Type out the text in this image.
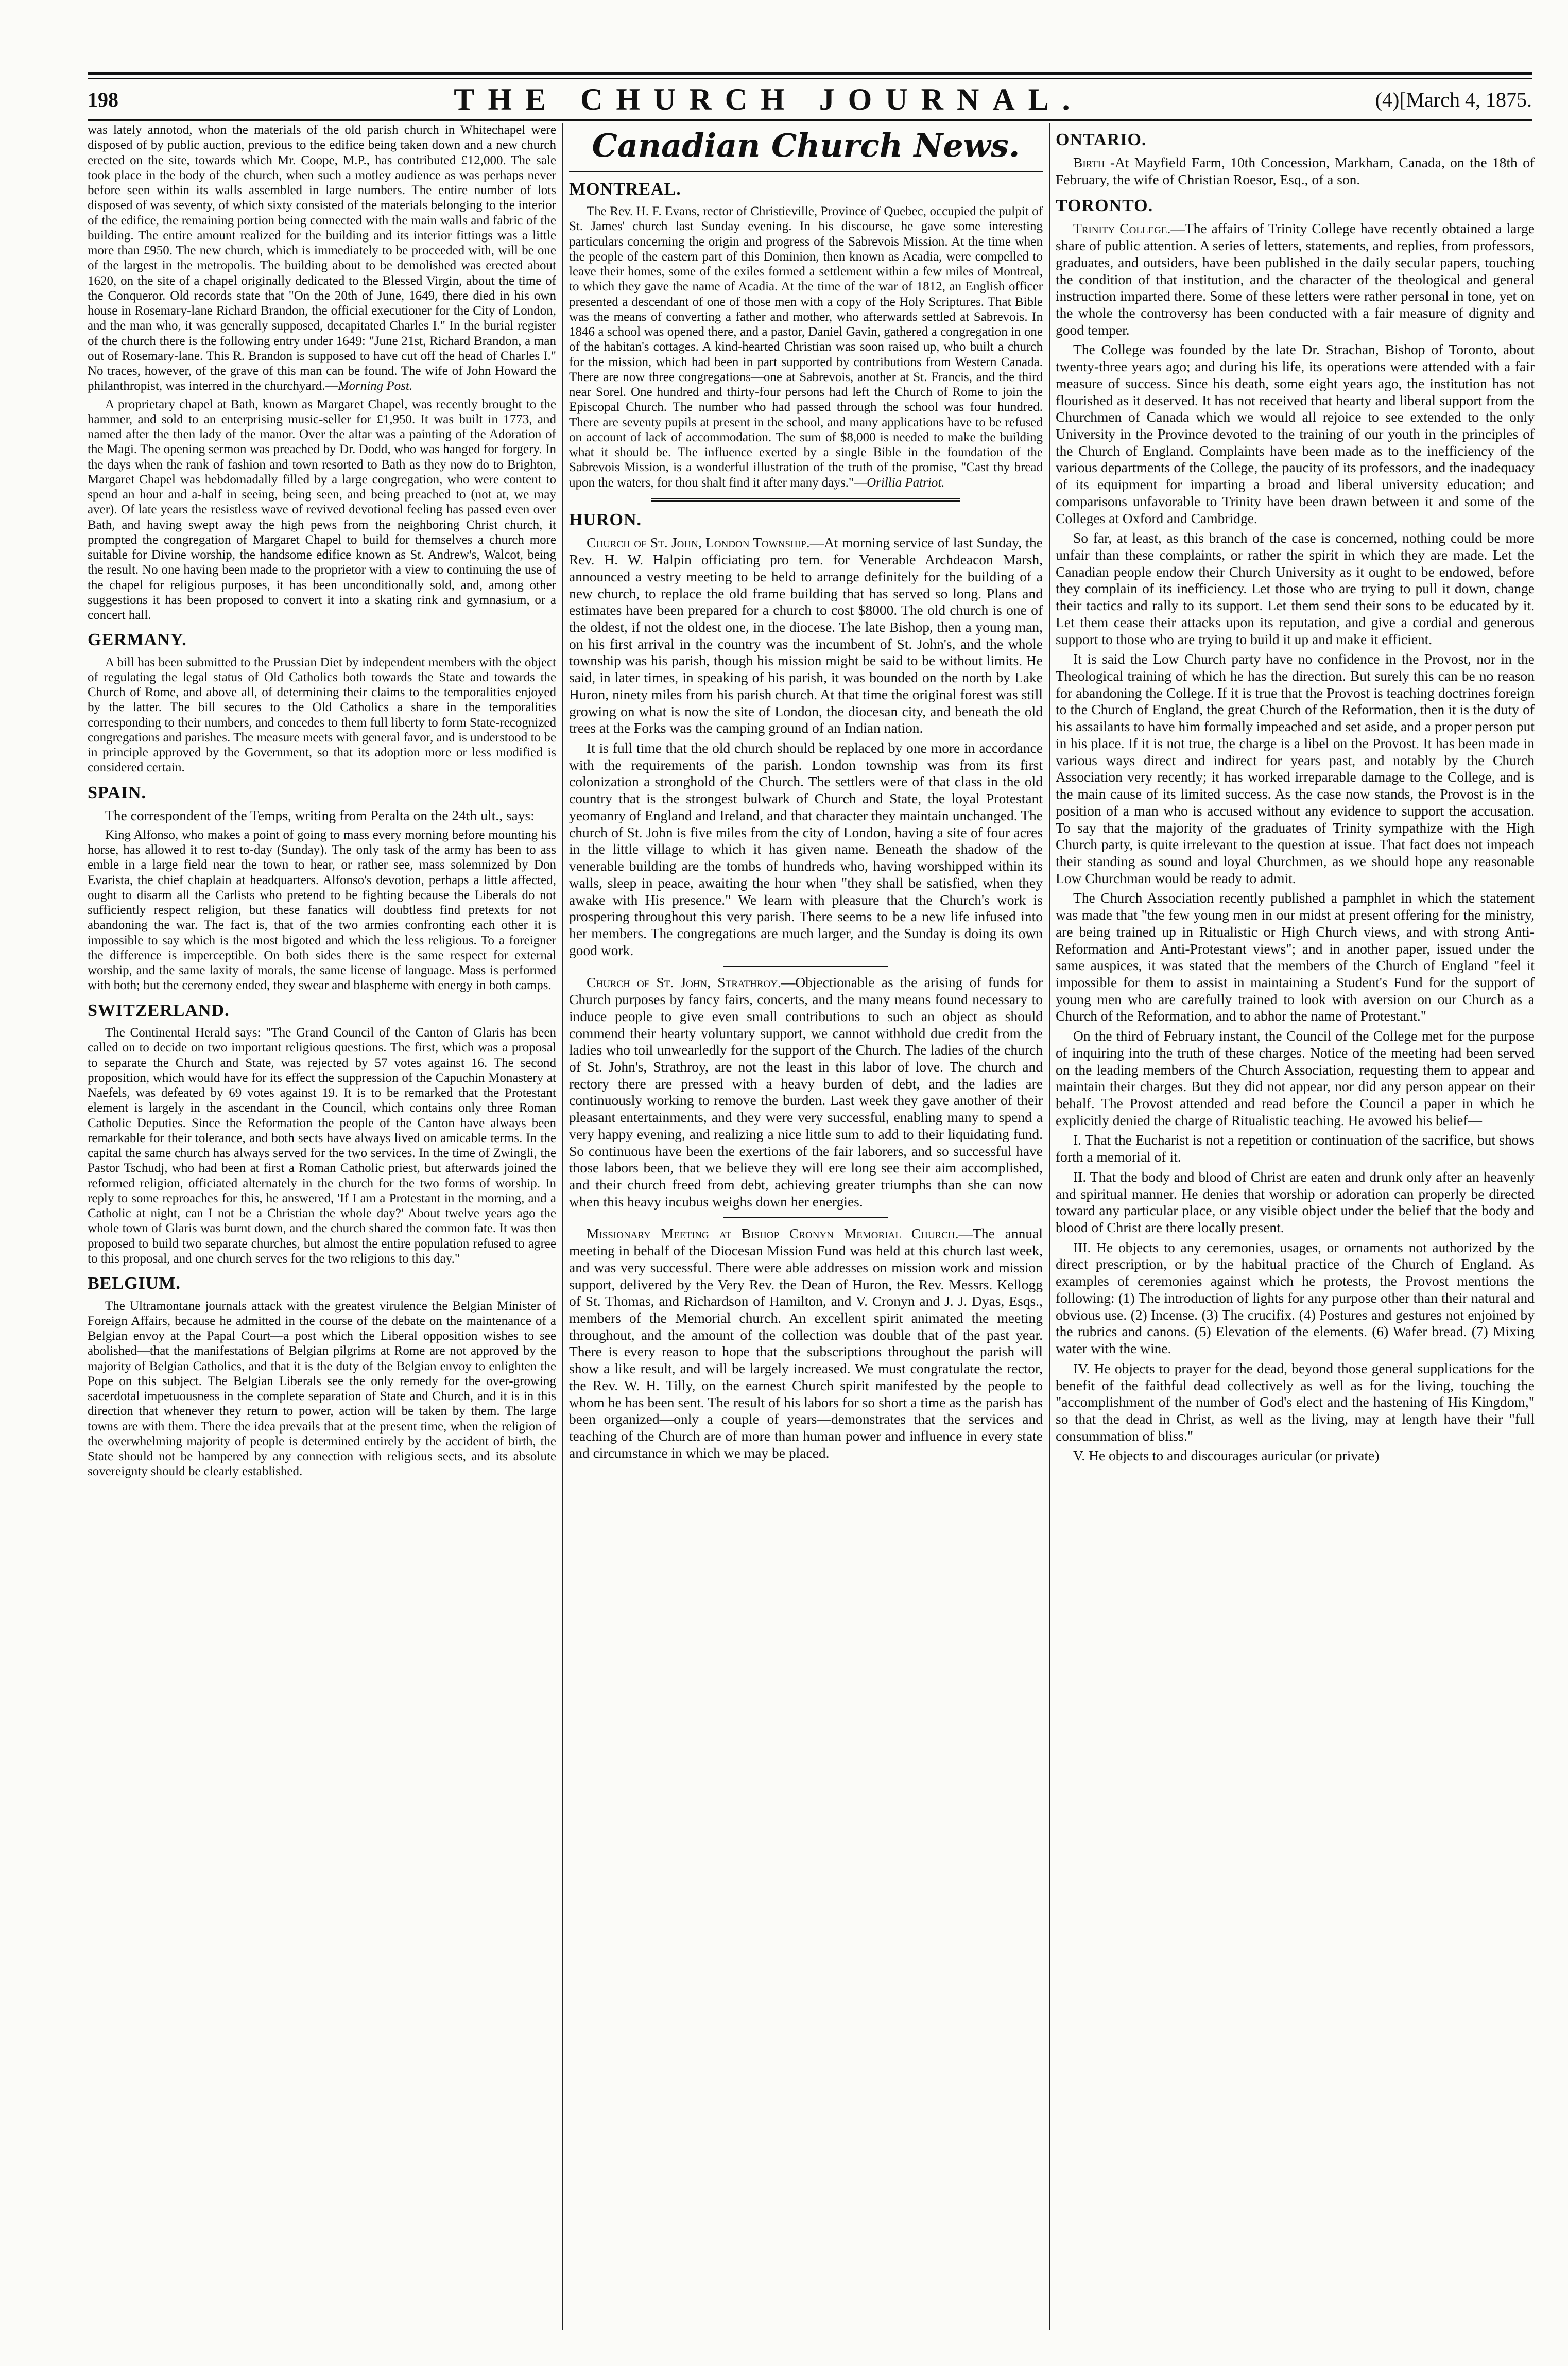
198	THE CHURCH JOURNAL.	(4)[March 4, 1875.

was lately annotod, whon the materials of the old parish church in Whitechapel were disposed of by public auction, previous to the edifice being taken down and a new church erected on the site, towards which Mr. Coope, M.P., has contributed £12,000. The sale took place in the body of the church, when such a motley audience as was perhaps never before seen within its walls assembled in large numbers. The entire number of lots disposed of was seventy, of which sixty consisted of the materials belonging to the interior of the edifice, the remaining portion being connected with the main walls and fabric of the building. The entire amount realized for the building and its interior fittings was a little more than £950. The new church, which is immediately to be proceeded with, will be one of the largest in the metropolis. The building about to be demolished was erected about 1620, on the site of a chapel originally dedicated to the Blessed Virgin, about the time of the Conqueror. Old records state that "On the 20th of June, 1649, there died in his own house in Rosemary-lane Richard Brandon, the official executioner for the City of London, and the man who, it was generally supposed, decapitated Charles I." In the burial register of the church there is the following entry under 1649: "June 21st, Richard Brandon, a man out of Rosemary-lane. This R. Brandon is supposed to have cut off the head of Charles I." No traces, however, of the grave of this man can be found. The wife of John Howard the philanthropist, was interred in the churchyard.—Morning Post.

A proprietary chapel at Bath, known as Margaret Chapel, was recently brought to the hammer, and sold to an enterprising music-seller for £1,950. It was built in 1773, and named after the then lady of the manor. Over the altar was a painting of the Adoration of the Magi. The opening sermon was preached by Dr. Dodd, who was hanged for forgery. In the days when the rank of fashion and town resorted to Bath as they now do to Brighton, Margaret Chapel was hebdomadally filled by a large congregation, who were content to spend an hour and a-half in seeing, being seen, and being preached to (not at, we may aver). Of late years the resistless wave of revived devotional feeling has passed even over Bath, and having swept away the high pews from the neighboring Christ church, it prompted the congregation of Margaret Chapel to build for themselves a church more suitable for Divine worship, the handsome edifice known as St. Andrew's, Walcot, being the result. No one having been made to the proprietor with a view to continuing the use of the chapel for religious purposes, it has been unconditionally sold, and, among other suggestions it has been proposed to convert it into a skating rink and gymnasium, or a concert hall.

GERMANY.

A bill has been submitted to the Prussian Diet by independent members with the object of regulating the legal status of Old Catholics both towards the State and towards the Church of Rome, and above all, of determining their claims to the temporalities enjoyed by the latter. The bill secures to the Old Catholics a share in the temporalities corresponding to their numbers, and concedes to them full liberty to form State-recognized congregations and parishes. The measure meets with general favor, and is understood to be in principle approved by the Government, so that its adoption more or less modified is considered certain.

SPAIN.

The correspondent of the Temps, writing from Peralta on the 24th ult., says:

King Alfonso, who makes a point of going to mass every morning before mounting his horse, has allowed it to rest to-day (Sunday). The only task of the army has been to ass emble in a large field near the town to hear, or rather see, mass solemnized by Don Evarista, the chief chaplain at headquarters. Alfonso's devotion, perhaps a little affected, ought to disarm all the Carlists who pretend to be fighting because the Liberals do not sufficiently respect religion, but these fanatics will doubtless find pretexts for not abandoning the war. The fact is, that of the two armies confronting each other it is impossible to say which is the most bigoted and which the less religious. To a foreigner the difference is imperceptible. On both sides there is the same respect for external worship, and the same laxity of morals, the same license of language. Mass is performed with both; but the ceremony ended, they swear and blaspheme with energy in both camps.

SWITZERLAND.

The Continental Herald says: "The Grand Council of the Canton of Glaris has been called on to decide on two important religious questions. The first, which was a proposal to separate the Church and State, was rejected by 57 votes against 16. The second proposition, which would have for its effect the suppression of the Capuchin Monastery at Naefels, was defeated by 69 votes against 19. It is to be remarked that the Protestant element is largely in the ascendant in the Council, which contains only three Roman Catholic Deputies. Since the Reformation the people of the Canton have always been remarkable for their tolerance, and both sects have always lived on amicable terms. In the capital the same church has always served for the two services. In the time of Zwingli, the Pastor Tschudj, who had been at first a Roman Catholic priest, but afterwards joined the reformed religion, officiated alternately in the church for the two forms of worship. In reply to some reproaches for this, he answered, 'If I am a Protestant in the morning, and a Catholic at night, can I not be a Christian the whole day?' About twelve years ago the whole town of Glaris was burnt down, and the church shared the common fate. It was then proposed to build two separate churches, but almost the entire population refused to agree to this proposal, and one church serves for the two religions to this day."

BELGIUM.

The Ultramontane journals attack with the greatest virulence the Belgian Minister of Foreign Affairs, because he admitted in the course of the debate on the maintenance of a Belgian envoy at the Papal Court—a post which the Liberal opposition wishes to see abolished—that the manifestations of Belgian pilgrims at Rome are not approved by the majority of Belgian Catholics, and that it is the duty of the Belgian envoy to enlighten the Pope on this subject. The Belgian Liberals see the only remedy for the over-growing sacerdotal impetuousness in the complete separation of State and Church, and it is in this direction that whenever they return to power, action will be taken by them. The large towns are with them. There the idea prevails that at the present time, when the religion of the overwhelming majority of people is determined entirely by the accident of birth, the State should not be hampered by any connection with religious sects, and its absolute sovereignty should be clearly established.

Canadian Church News.
MONTREAL.

The Rev. H. F. Evans, rector of Christieville, Province of Quebec, occupied the pulpit of St. James' church last Sunday evening. In his discourse, he gave some interesting particulars concerning the origin and progress of the Sabrevois Mission. At the time when the people of the eastern part of this Dominion, then known as Acadia, were compelled to leave their homes, some of the exiles formed a settlement within a few miles of Montreal, to which they gave the name of Acadia. At the time of the war of 1812, an English officer presented a descendant of one of those men with a copy of the Holy Scriptures. That Bible was the means of converting a father and mother, who afterwards settled at Sabrevois. In 1846 a school was opened there, and a pastor, Daniel Gavin, gathered a congregation in one of the habitan's cottages. A kind-hearted Christian was soon raised up, who built a church for the mission, which had been in part supported by contributions from Western Canada. There are now three congregations—one at Sabrevois, another at St. Francis, and the third near Sorel. One hundred and thirty-four persons had left the Church of Rome to join the Episcopal Church. The number who had passed through the school was four hundred. There are seventy pupils at present in the school, and many applications have to be refused on account of lack of accommodation. The sum of $8,000 is needed to make the building what it should be. The influence exerted by a single Bible in the foundation of the Sabrevois Mission, is a wonderful illustration of the truth of the promise, "Cast thy bread upon the waters, for thou shalt find it after many days."—Orillia Patriot.

HURON.

Church of St. John, London Township.—At morning service of last Sunday, the Rev. H. W. Halpin officiating pro tem. for Venerable Archdeacon Marsh, announced a vestry meeting to be held to arrange definitely for the building of a new church, to replace the old frame building that has served so long. Plans and estimates have been prepared for a church to cost $8000. The old church is one of the oldest, if not the oldest one, in the diocese. The late Bishop, then a young man, on his first arrival in the country was the incumbent of St. John's, and the whole township was his parish, though his mission might be said to be without limits. He said, in later times, in speaking of his parish, it was bounded on the north by Lake Huron, ninety miles from his parish church. At that time the original forest was still growing on what is now the site of London, the diocesan city, and beneath the old trees at the Forks was the camping ground of an Indian nation.

It is full time that the old church should be replaced by one more in accordance with the requirements of the parish. London township was from its first colonization a stronghold of the Church. The settlers were of that class in the old country that is the strongest bulwark of Church and State, the loyal Protestant yeomanry of England and Ireland, and that character they maintain unchanged. The church of St. John is five miles from the city of London, having a site of four acres in the little village to which it has given name. Beneath the shadow of the venerable building are the tombs of hundreds who, having worshipped within its walls, sleep in peace, awaiting the hour when "they shall be satisfied, when they awake with His presence." We learn with pleasure that the Church's work is prospering throughout this very parish. There seems to be a new life infused into her members. The congregations are much larger, and the Sunday is doing its own good work.

Church of St. John, Strathroy.—Objectionable as the arising of funds for Church purposes by fancy fairs, concerts, and the many means found necessary to induce people to give even small contributions to such an object as should commend their hearty voluntary support, we cannot withhold due credit from the ladies who toil unwearledly for the support of the Church. The ladies of the church of St. John's, Strathroy, are not the least in this labor of love. The church and rectory there are pressed with a heavy burden of debt, and the ladies are continuously working to remove the burden. Last week they gave another of their pleasant entertainments, and they were very successful, enabling many to spend a very happy evening, and realizing a nice little sum to add to their liquidating fund. So continuous have been the exertions of the fair laborers, and so successful have those labors been, that we believe they will ere long see their aim accomplished, and their church freed from debt, achieving greater triumphs than she can now when this heavy incubus weighs down her energies.

Missionary Meeting at Bishop Cronyn Memorial Church.—The annual meeting in behalf of the Diocesan Mission Fund was held at this church last week, and was very successful. There were able addresses on mission work and mission support, delivered by the Very Rev. the Dean of Huron, the Rev. Messrs. Kellogg of St. Thomas, and Richardson of Hamilton, and V. Cronyn and J. J. Dyas, Esqs., members of the Memorial church. An excellent spirit animated the meeting throughout, and the amount of the collection was double that of the past year. There is every reason to hope that the subscriptions throughout the parish will show a like result, and will be largely increased. We must congratulate the rector, the Rev. W. H. Tilly, on the earnest Church spirit manifested by the people to whom he has been sent. The result of his labors for so short a time as the parish has been organized—only a couple of years—demonstrates that the services and teaching of the Church are of more than human power and influence in every state and circumstance in which we may be placed.

ONTARIO.

Birth -At Mayfield Farm, 10th Concession, Markham, Canada, on the 18th of February, the wife of Christian Roesor, Esq., of a son.

TORONTO.

Trinity College.—The affairs of Trinity College have recently obtained a large share of public attention. A series of letters, statements, and replies, from professors, graduates, and outsiders, have been published in the daily secular papers, touching the condition of that institution, and the character of the theological and general instruction imparted there. Some of these letters were rather personal in tone, yet on the whole the controversy has been conducted with a fair measure of dignity and good temper.

The College was founded by the late Dr. Strachan, Bishop of Toronto, about twenty-three years ago; and during his life, its operations were attended with a fair measure of success. Since his death, some eight years ago, the institution has not flourished as it deserved. It has not received that hearty and liberal support from the Churchmen of Canada which we would all rejoice to see extended to the only University in the Province devoted to the training of our youth in the principles of the Church of England. Complaints have been made as to the inefficiency of the various departments of the College, the paucity of its professors, and the inadequacy of its equipment for imparting a broad and liberal university education; and comparisons unfavorable to Trinity have been drawn between it and some of the Colleges at Oxford and Cambridge.

So far, at least, as this branch of the case is concerned, nothing could be more unfair than these complaints, or rather the spirit in which they are made. Let the Canadian people endow their Church University as it ought to be endowed, before they complain of its inefficiency. Let those who are trying to pull it down, change their tactics and rally to its support. Let them send their sons to be educated by it. Let them cease their attacks upon its reputation, and give a cordial and generous support to those who are trying to build it up and make it efficient.

It is said the Low Church party have no confidence in the Provost, nor in the Theological training of which he has the direction. But surely this can be no reason for abandoning the College. If it is true that the Provost is teaching doctrines foreign to the Church of England, the great Church of the Reformation, then it is the duty of his assailants to have him formally impeached and set aside, and a proper person put in his place. If it is not true, the charge is a libel on the Provost. It has been made in various ways direct and indirect for years past, and notably by the Church Association very recently; it has worked irreparable damage to the College, and is the main cause of its limited success. As the case now stands, the Provost is in the position of a man who is accused without any evidence to support the accusation. To say that the majority of the graduates of Trinity sympathize with the High Church party, is quite irrelevant to the question at issue. That fact does not impeach their standing as sound and loyal Churchmen, as we should hope any reasonable Low Churchman would be ready to admit.

The Church Association recently published a pamphlet in which the statement was made that "the few young men in our midst at present offering for the ministry, are being trained up in Ritualistic or High Church views, and with strong Anti-Reformation and Anti-Protestant views"; and in another paper, issued under the same auspices, it was stated that the members of the Church of England "feel it impossible for them to assist in maintaining a Student's Fund for the support of young men who are carefully trained to look with aversion on our Church as a Church of the Reformation, and to abhor the name of Protestant."

On the third of February instant, the Council of the College met for the purpose of inquiring into the truth of these charges. Notice of the meeting had been served on the leading members of the Church Association, requesting them to appear and maintain their charges. But they did not appear, nor did any person appear on their behalf. The Provost attended and read before the Council a paper in which he explicitly denied the charge of Ritualistic teaching. He avowed his belief—

I. That the Eucharist is not a repetition or continuation of the sacrifice, but shows forth a memorial of it.

II. That the body and blood of Christ are eaten and drunk only after an heavenly and spiritual manner. He denies that worship or adoration can properly be directed toward any particular place, or any visible object under the belief that the body and blood of Christ are there locally present.

III. He objects to any ceremonies, usages, or ornaments not authorized by the direct prescription, or by the habitual practice of the Church of England. As examples of ceremonies against which he protests, the Provost mentions the following: (1) The introduction of lights for any purpose other than their natural and obvious use. (2) Incense. (3) The crucifix. (4) Postures and gestures not enjoined by the rubrics and canons. (5) Elevation of the elements. (6) Wafer bread. (7) Mixing water with the wine.

IV. He objects to prayer for the dead, beyond those general supplications for the benefit of the faithful dead collectively as well as for the living, touching the "accomplishment of the number of God's elect and the hastening of His Kingdom," so that the dead in Christ, as well as the living, may at length have their "full consummation of bliss."

V. He objects to and discourages auricular (or private)
